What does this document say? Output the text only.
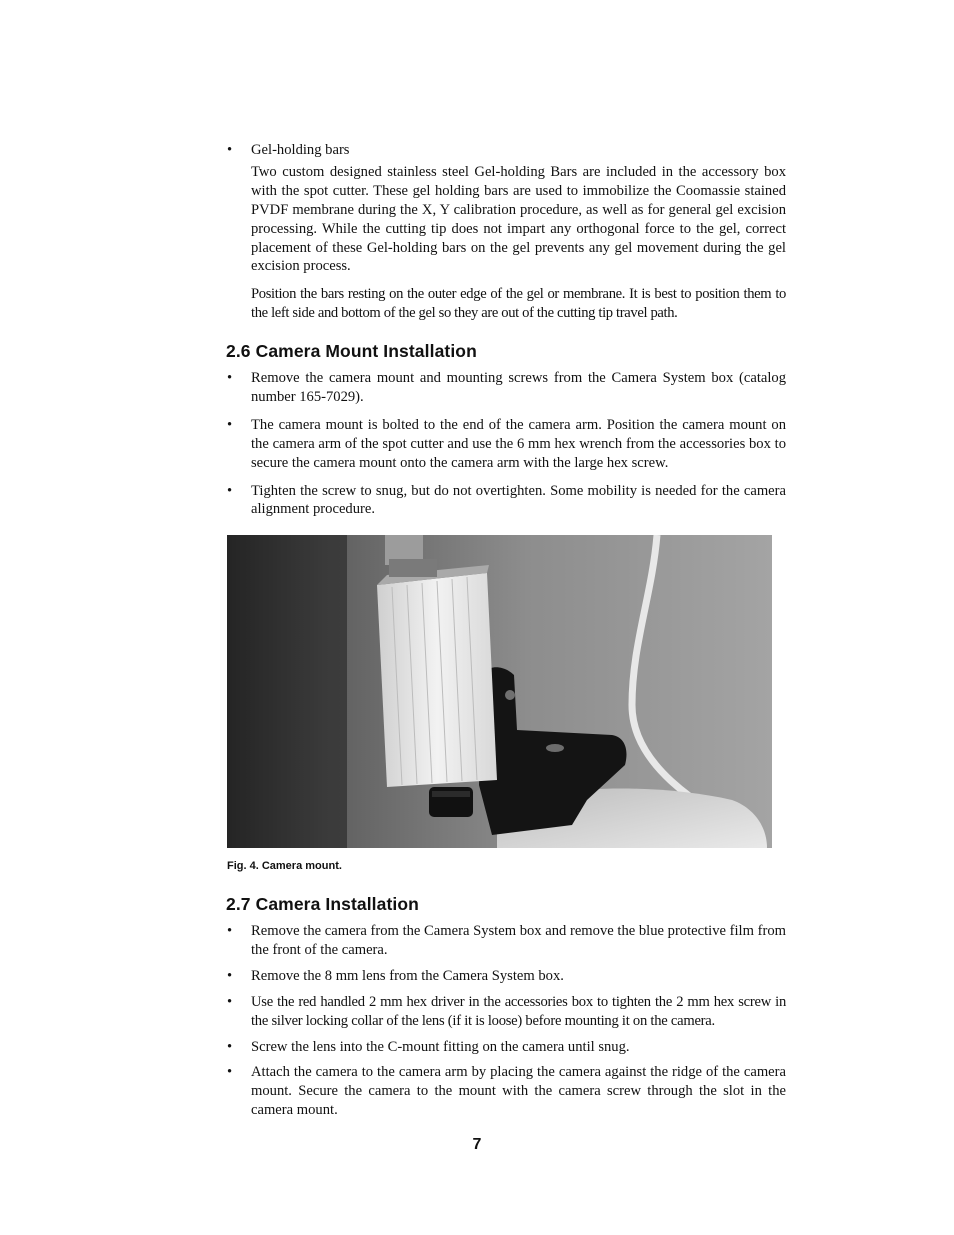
• Gel-holding bars

Two custom designed stainless steel Gel-holding Bars are included in the accessory box with the spot cutter. These gel holding bars are used to immobilize the Coomassie stained PVDF membrane during the X, Y calibration procedure, as well as for general gel excision processing. While the cutting tip does not impart any orthogonal force to the gel, correct placement of these Gel-holding bars on the gel prevents any gel movement during the gel excision process.

Position the bars resting on the outer edge of the gel or membrane. It is best to position them to the left side and bottom of the gel so they are out of the cutting tip travel path.

2.6 Camera Mount Installation
• Remove the camera mount and mounting screws from the Camera System box (catalog number 165-7029).

• The camera mount is bolted to the end of the camera arm. Position the camera mount on the camera arm of the spot cutter and use the 6 mm hex wrench from the accessories box to secure the camera mount onto the camera arm with the large hex screw.

• Tighten the screw to snug, but do not overtighten. Some mobility is needed for the camera alignment procedure.

Fig. 4. Camera mount.
2.7 Camera Installation
• Remove the camera from the Camera System box and remove the blue protective film from the front of the camera.

• Remove the 8 mm lens from the Camera System box.

• Use the red handled 2 mm hex driver in the accessories box to tighten the 2 mm hex screw in the silver locking collar of the lens (if it is loose) before mounting it on the camera.

• Screw the lens into the C-mount fitting on the camera until snug.

• Attach the camera to the camera arm by placing the camera against the ridge of the camera mount. Secure the camera to the mount with the camera screw through the slot in the camera mount.

7
